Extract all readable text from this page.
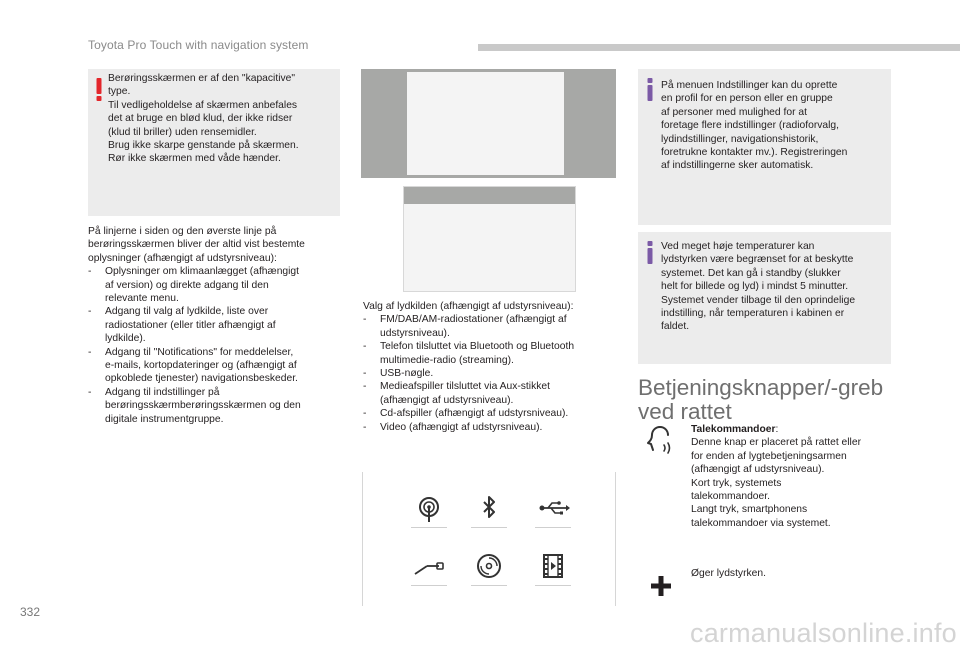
Toyota Pro Touch with navigation system
Berøringsskærmen er af den "kapacitive"
type.
Til vedligeholdelse af skærmen anbefales
det at bruge en blød klud, der ikke ridser
(klud til briller) uden rensemidler.
Brug ikke skarpe genstande på skærmen.
Rør ikke skærmen med våde hænder.
På linjerne i siden og den øverste linje på
berøringsskærmen bliver der altid vist bestemte
oplysninger (afhængigt af udstyrsniveau):
- Oplysninger om klimaanlægget (afhængigt
af version) og direkte adgang til den
relevante menu.
- Adgang til valg af lydkilde, liste over
radiostationer (eller titler afhængigt af
lydkilde).
- Adgang til "Notifications" for meddelelser,
e-mails, kortopdateringer og (afhængigt af
opkoblede tjenester) navigationsbeskeder.
- Adgang til indstillinger på
berøringsskærmberøringsskærmen og den
digitale instrumentgruppe.
Valg af lydkilden (afhængigt af udstyrsniveau):
- FM/DAB/AM-radiostationer (afhængigt af
udstyrsniveau).
- Telefon tilsluttet via Bluetooth og Bluetooth
multimedie-radio (streaming).
- USB-nøgle.
- Medieafspiller tilsluttet via Aux-stikket
(afhængigt af udstyrsniveau).
- Cd-afspiller (afhængigt af udstyrsniveau).
- Video (afhængigt af udstyrsniveau).
På menuen Indstillinger kan du oprette
en profil for en person eller en gruppe
af personer med mulighed for at
foretage flere indstillinger (radioforvalg,
lydindstillinger, navigationshistorik,
foretrukne kontakter mv.). Registreringen
af indstillingerne sker automatisk.
Ved meget høje temperaturer kan
lydstyrken være begrænset for at beskytte
systemet. Det kan gå i standby (slukker
helt for billede og lyd) i mindst 5 minutter.
Systemet vender tilbage til den oprindelige
indstilling, når temperaturen i kabinen er
faldet.
Betjeningsknapper/-greb
ved rattet
Talekommandoer:
Denne knap er placeret på rattet eller
for enden af lygtebetjeningsarmen
(afhængigt af udstyrsniveau).
Kort tryk, systemets
talekommandoer.
Langt tryk, smartphonens
talekommandoer via systemet.
Øger lydstyrken.
332
carmanualsonline.info
